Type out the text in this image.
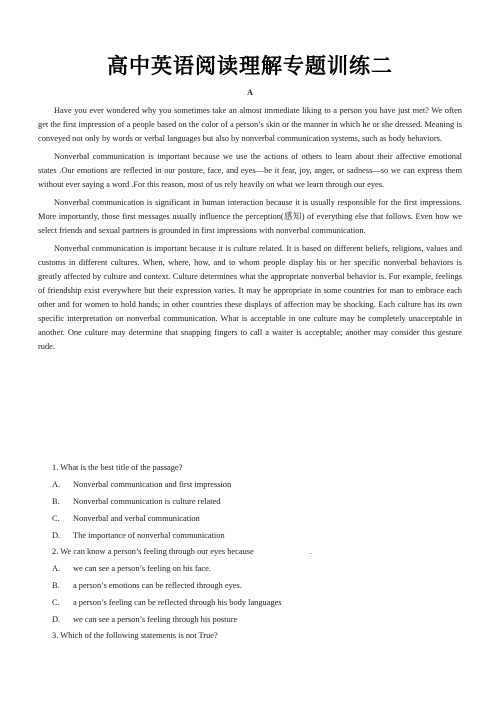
高中英语阅读理解专题训练二
A

Have you ever wondered why you sometimes take an almost immediate liking to a person you have just met? We often get the first impression of a people based on the color of a person’s skin or the manner in which he or she dressed. Meaning is conveyed not only by words or verbal languages but also by nonverbal communication systems, such as body behaviors.

Nonverbal communication is important because we use the actions of others to learn about their affective emotional states .Our emotions are reflected in our posture, face, and eyes—be it fear, joy, anger, or sadness—so we can express them without ever saying a word .For this reason, most of us rely heavily on what we learn through our eyes.

Nonverbal communication is significant in human interaction because it is usually responsible for the first impressions. More importantly, those first messages usually influence the perception(感知) of everything else that follows. Even how we select friends and sexual partners is grounded in first impressions with nonverbal communication.

Nonverbal communication is important because it is culture related. It is based on different beliefs, religions, values and customs in different cultures. When, where, how, and to whom people display his or her specific nonverbal behaviors is greatly affected by culture and context. Culture determines what the appropriate nonverbal behavior is. For example, feelings of friendship exist everywhere but their expression varies. It may be appropriate in some countries for man to embrace each other and for women to hold hands; in other countries these displays of affection may be shocking. Each culture has its own specific interpretation on nonverbal communication. What is acceptable in one culture may be completely unacceptable in another. One culture may determine that snapping fingers to call a waiter is acceptable; another may consider this gesture rude.

1. What is the best title of the passage?
A.	Nonverbal communication and first impression
B.	Nonverbal communication is culture related
C.	Nonverbal and verbal communication
D.	The importance of nonverbal communication
2. We can know a person’s feeling through our eyes because	.
A.	we can see a person’s feeling on his face.
B.	a person’s emotions can be reflected through eyes.
C.	a person’s feeling can be reflected through his body languages
D.	we can see a person’s feeling through his posture
3. Which of the following statements is not True?
